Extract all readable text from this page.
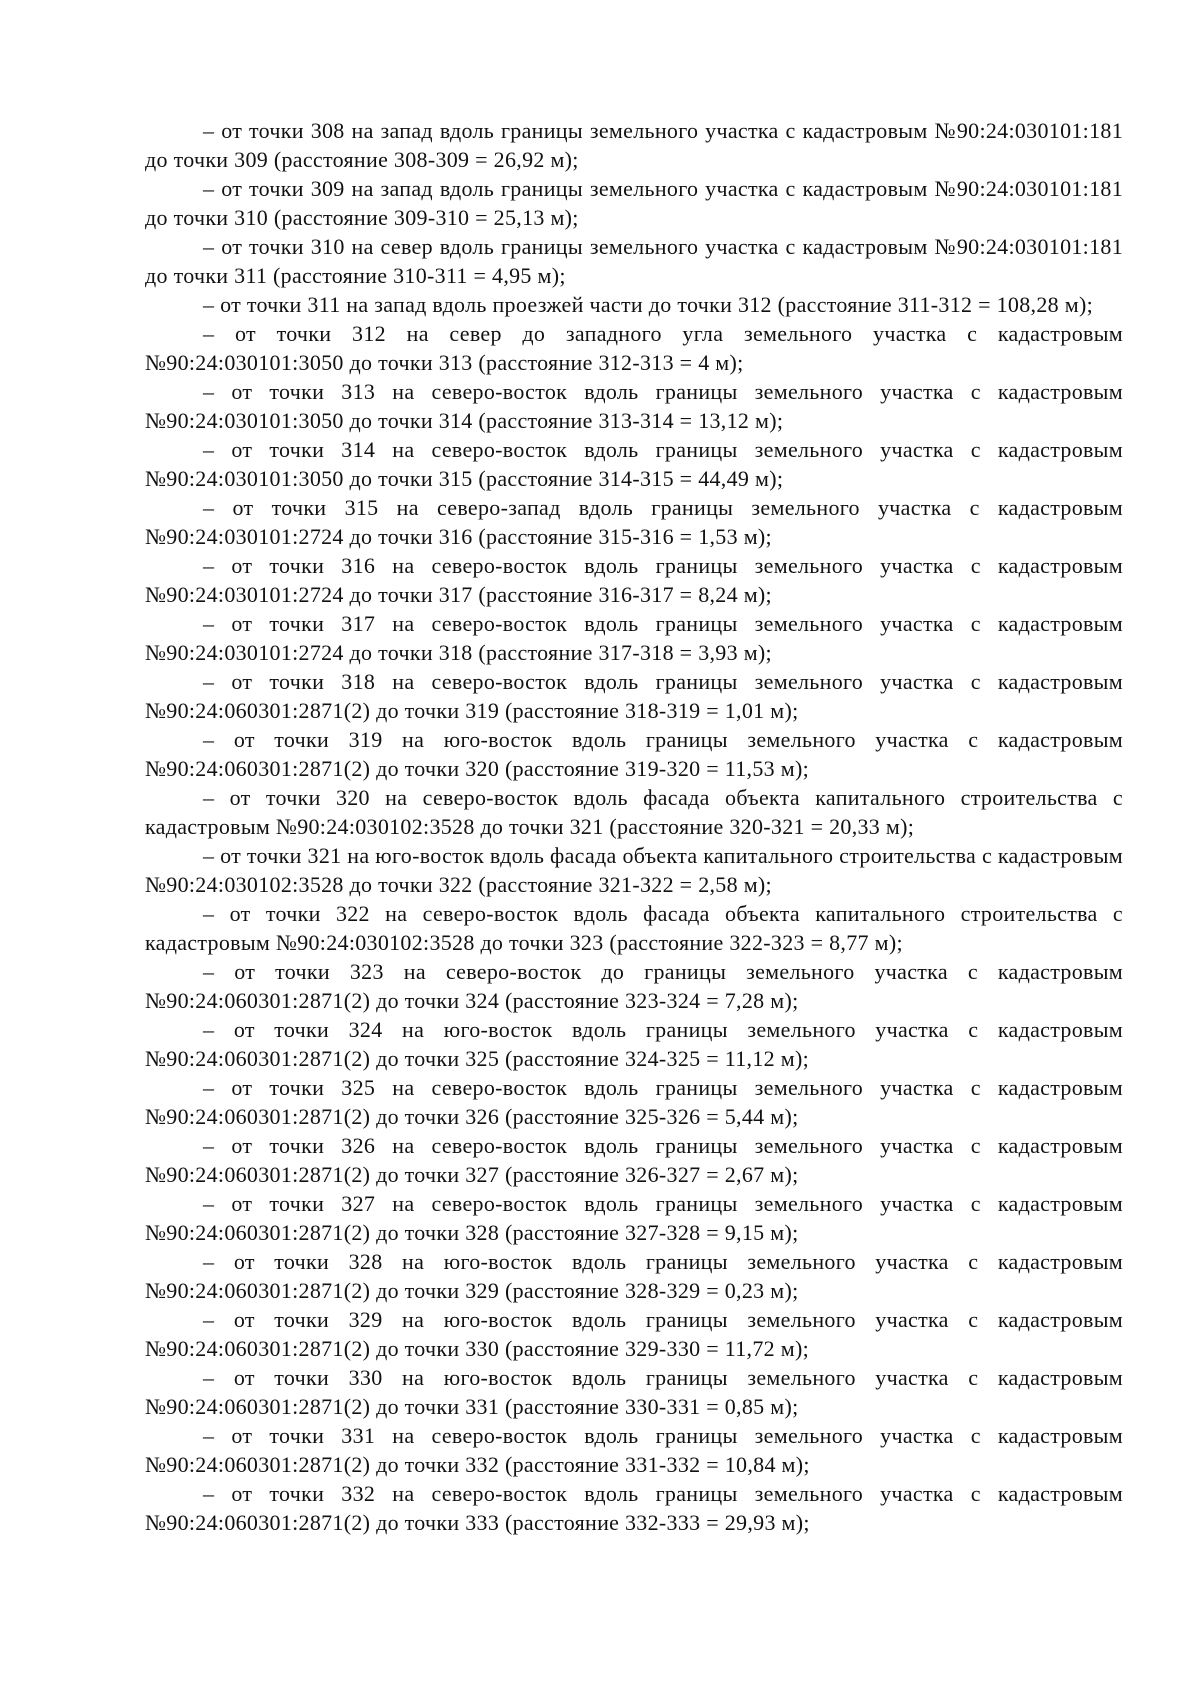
– от точки 308 на запад вдоль границы земельного участка с кадастровым №90:24:030101:181 до точки 309 (расстояние 308-309 = 26,92 м);

– от точки 309 на запад вдоль границы земельного участка с кадастровым №90:24:030101:181 до точки 310 (расстояние 309-310 = 25,13 м);

– от точки 310 на север вдоль границы земельного участка с кадастровым №90:24:030101:181 до точки 311 (расстояние 310-311 = 4,95 м);

– от точки 311 на запад вдоль проезжей части до точки 312 (расстояние 311-312 = 108,28 м);

– от точки 312 на север до западного угла земельного участка с кадастровым №90:24:030101:3050 до точки 313 (расстояние 312-313 = 4 м);

– от точки 313 на северо-восток вдоль границы земельного участка с кадастровым №90:24:030101:3050 до точки 314 (расстояние 313-314 = 13,12 м);

– от точки 314 на северо-восток вдоль границы земельного участка с кадастровым №90:24:030101:3050 до точки 315 (расстояние 314-315 = 44,49 м);

– от точки 315 на северо-запад вдоль границы земельного участка с кадастровым №90:24:030101:2724 до точки 316 (расстояние 315-316 = 1,53 м);

– от точки 316 на северо-восток вдоль границы земельного участка с кадастровым №90:24:030101:2724 до точки 317 (расстояние 316-317 = 8,24 м);

– от точки 317 на северо-восток вдоль границы земельного участка с кадастровым №90:24:030101:2724 до точки 318 (расстояние 317-318 = 3,93 м);

– от точки 318 на северо-восток вдоль границы земельного участка с кадастровым №90:24:060301:2871(2) до точки 319 (расстояние 318-319 = 1,01 м);

– от точки 319 на юго-восток вдоль границы земельного участка с кадастровым №90:24:060301:2871(2) до точки 320 (расстояние 319-320 = 11,53 м);

– от точки 320 на северо-восток вдоль фасада объекта капитального строительства с кадастровым №90:24:030102:3528 до точки 321 (расстояние 320-321 = 20,33 м);

– от точки 321 на юго-восток вдоль фасада объекта капитального строительства с кадастровым №90:24:030102:3528 до точки 322 (расстояние 321-322 = 2,58 м);

– от точки 322 на северо-восток вдоль фасада объекта капитального строительства с кадастровым №90:24:030102:3528 до точки 323 (расстояние 322-323 = 8,77 м);

– от точки 323 на северо-восток до границы земельного участка с кадастровым №90:24:060301:2871(2) до точки 324 (расстояние 323-324 = 7,28 м);

– от точки 324 на юго-восток вдоль границы земельного участка с кадастровым №90:24:060301:2871(2) до точки 325 (расстояние 324-325 = 11,12 м);

– от точки 325 на северо-восток вдоль границы земельного участка с кадастровым №90:24:060301:2871(2) до точки 326 (расстояние 325-326 = 5,44 м);

– от точки 326 на северо-восток вдоль границы земельного участка с кадастровым №90:24:060301:2871(2) до точки 327 (расстояние 326-327 = 2,67 м);

– от точки 327 на северо-восток вдоль границы земельного участка с кадастровым №90:24:060301:2871(2) до точки 328 (расстояние 327-328 = 9,15 м);

– от точки 328 на юго-восток вдоль границы земельного участка с кадастровым №90:24:060301:2871(2) до точки 329 (расстояние 328-329 = 0,23 м);

– от точки 329 на юго-восток вдоль границы земельного участка с кадастровым №90:24:060301:2871(2) до точки 330 (расстояние 329-330 = 11,72 м);

– от точки 330 на юго-восток вдоль границы земельного участка с кадастровым №90:24:060301:2871(2) до точки 331 (расстояние 330-331 = 0,85 м);

– от точки 331 на северо-восток вдоль границы земельного участка с кадастровым №90:24:060301:2871(2) до точки 332 (расстояние 331-332 = 10,84 м);

– от точки 332 на северо-восток вдоль границы земельного участка с кадастровым №90:24:060301:2871(2) до точки 333 (расстояние 332-333 = 29,93 м);
